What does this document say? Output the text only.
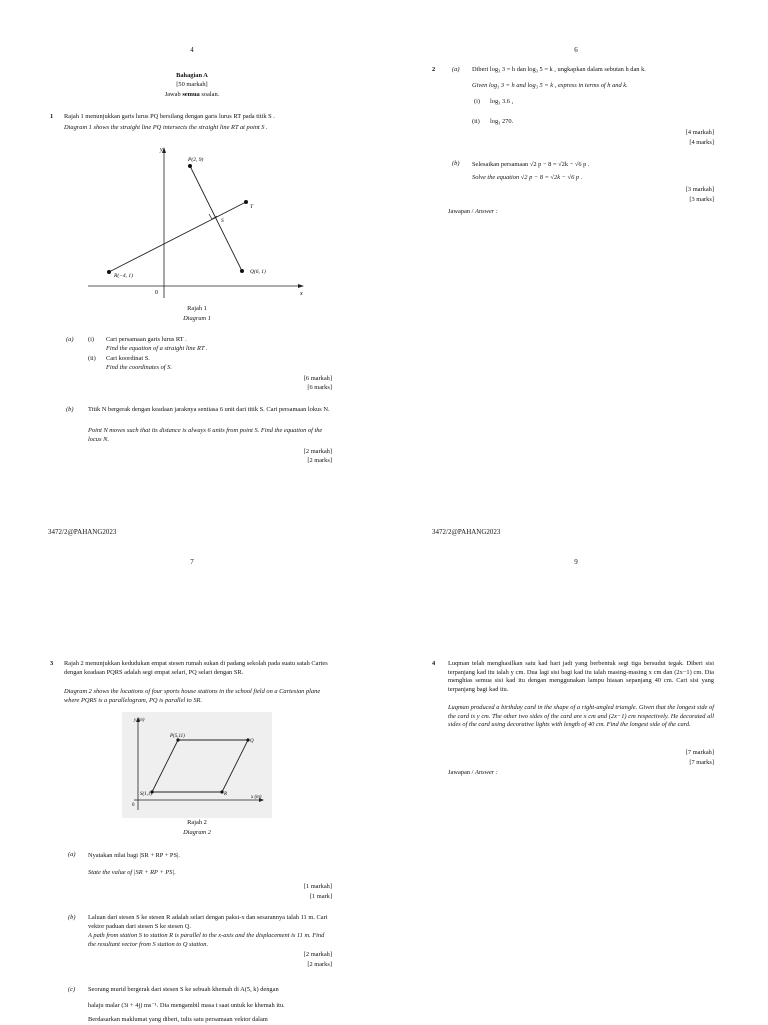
4
Bahagian A
[50 markah]
Jawab semua soalan.
1 Rajah 1 menunjukkan garis lurus PQ bersilang dengan garis lurus RT pada titik S .
Diagram 1 shows the straight line PQ intersects the straight line RT at point S .
y
x
0
P(2, 9)
Q(6, 1)
R(−4, 1)
S
T
Rajah 1
Diagram 1
(a) (i) Cari persamaan garis lurus RT .
Find the equation of a straight line RT .
(ii) Cari koordinat S.
Find the coordinates of S.
[6 markah]
[6 marks]
(b) Titik N bergerak dengan keadaan jaraknya sentiasa 6 unit dari titik S. Cari persamaan lokus N.
Point N moves such that its distance is always 6 units from point S. Find the equation of the locus N.
[2 markah]
[2 marks]
3472/2@PAHANG2023
6
2	(a) Diberi log₃ 3 = h dan log₃ 5 = k , ungkapkan dalam sebutan h dan k.
Given log₃ 3 = h and log₃ 5 = k , express in terms of h and k.
(i) log₃ 3.6 ,
(ii) log₃ 270.
[4 markah]
[4 marks]
(b) Selesaikan persamaan √2 p − 8 = √2k − √6 p .
Solve the equation √2 p − 8 = √2k − √6 p .
[3 markah]
[3 marks]
Jawapan / Answer :
3472/2@PAHANG2023
7
3 Rajah 2 menunjukkan kedudukan empat stesen rumah sukan di padang sekolah pada suatu satah Cartes dengan keadaan PQRS adalah segi empat selari, PQ selari dengan SR.
Diagram 2 shows the locations of four sports house stations in the school field on a Cartesian plane where PQRS is a parallelogram, PQ is parallel to SR.
y (m)
x (m)
0
P(5,11)
Q
R
S(1,1)
Rajah 2
Diagram 2
(a) Nyatakan nilai bagi |SR + RP + PS|.
State the value of |SR + RP + PS|.
[1 markah]
[1 mark]
(b) Laluan dari stesen S ke stesen R adalah selari dengan paksi-x dan sesarannya ialah 11 m. Cari vektor paduan dari stesen S ke stesen Q.
A path from station S to station R is parallel to the x-axis and the displacement is 11 m. Find the resultant vector from S station to Q station.
[2 markah]
[2 marks]
(c) Seorang murid bergerak dari stesen S ke sebuah khemah di A(5, k) dengan
halaju malar (3i + 4j) ms⁻¹. Dia mengambil masa t saat untuk ke khemah itu.
Berdasarkan maklumat yang diberi, tulis satu persamaan vektor dalam
9
4 Luqman telah menghasilkan satu kad hari jadi yang berbentuk segi tiga bersudut tegak. Diberi sisi terpanjang kad itu ialah y cm. Dua lagi sisi bagi kad itu ialah masing-masing x cm dan (2x−1) cm. Dia menghias semua sisi kad itu dengan menggunakan lampu hiasan sepanjang 40 cm. Cari sisi yang terpanjang bagi kad itu.
Luqman produced a birthday card in the shape of a right-angled triangle. Given that the longest side of the card is y cm. The other two sides of the card are x cm and (2x−1) cm respectively. He decorated all sides of the card using decorative lights with length of 40 cm. Find the longest side of the card.
[7 markah]
[7 marks]
Jawapan / Answer :
